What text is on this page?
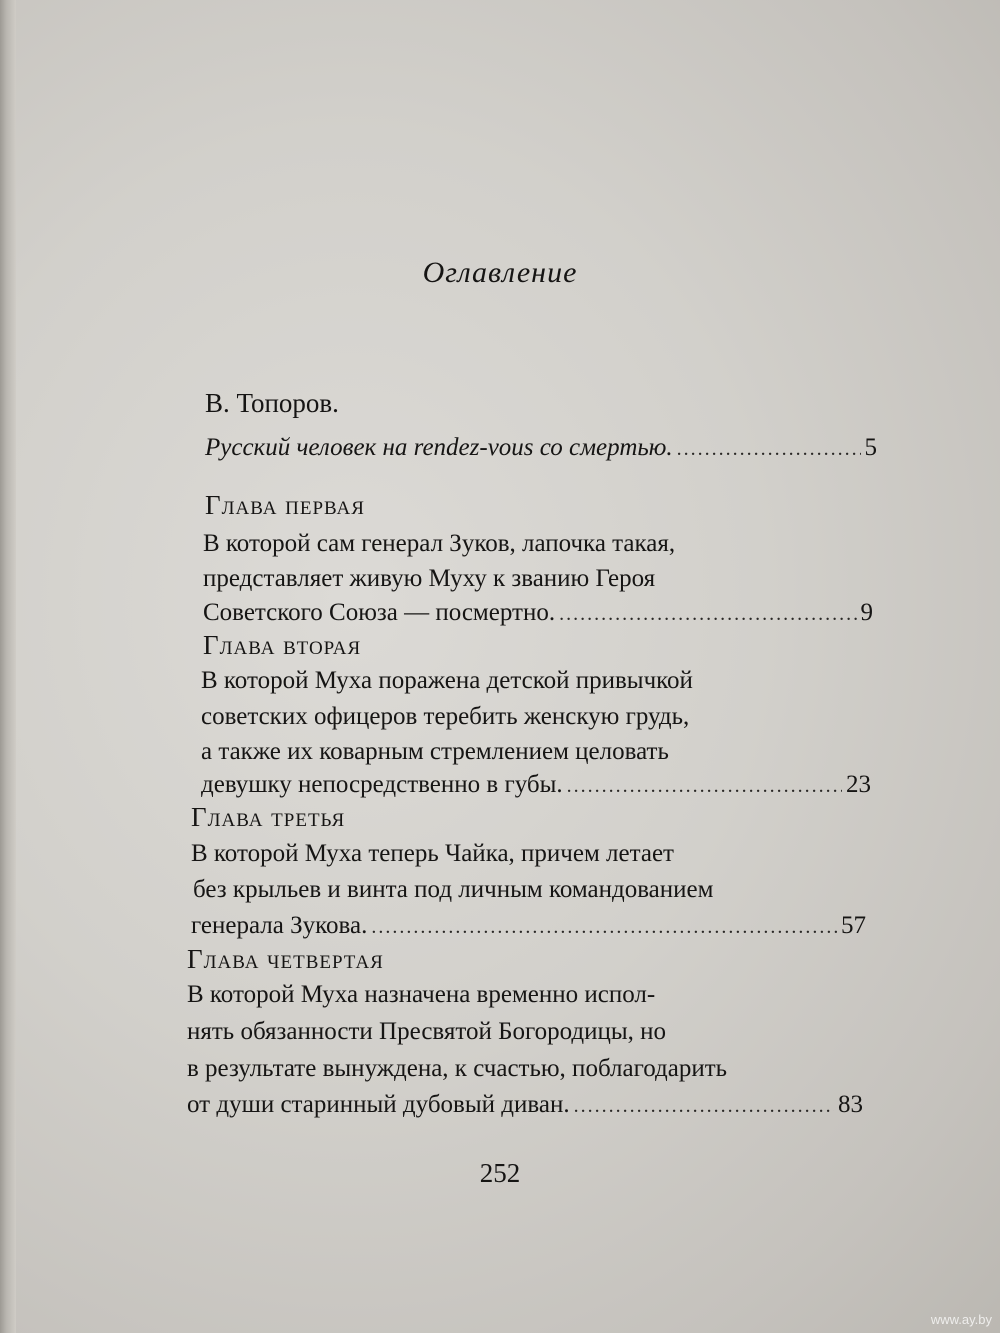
Оглавление
В. Топоров.
Русский человек на rendez-vous со смертью. .....	5
Глава первая
В которой сам генерал Зуков, лапочка такая,
представляет живую Муху к званию Героя
Советского Союза — посмертно. .....	9
Глава вторая
В которой Муха поражена детской привычкой
советских офицеров теребить женскую грудь,
а также их коварным стремлением целовать
девушку непосредственно в губы. .....	23
Глава третья
В которой Муха теперь Чайка, причем летает
без крыльев и винта под личным командованием
генерала Зукова. .....	57
Глава четвертая
В которой Муха назначена временно испол-
нять обязанности Пресвятой Богородицы, но
в результате вынуждена, к счастью, поблагодарить
от души старинный дубовый диван. .....	83
252
www.ay.by
